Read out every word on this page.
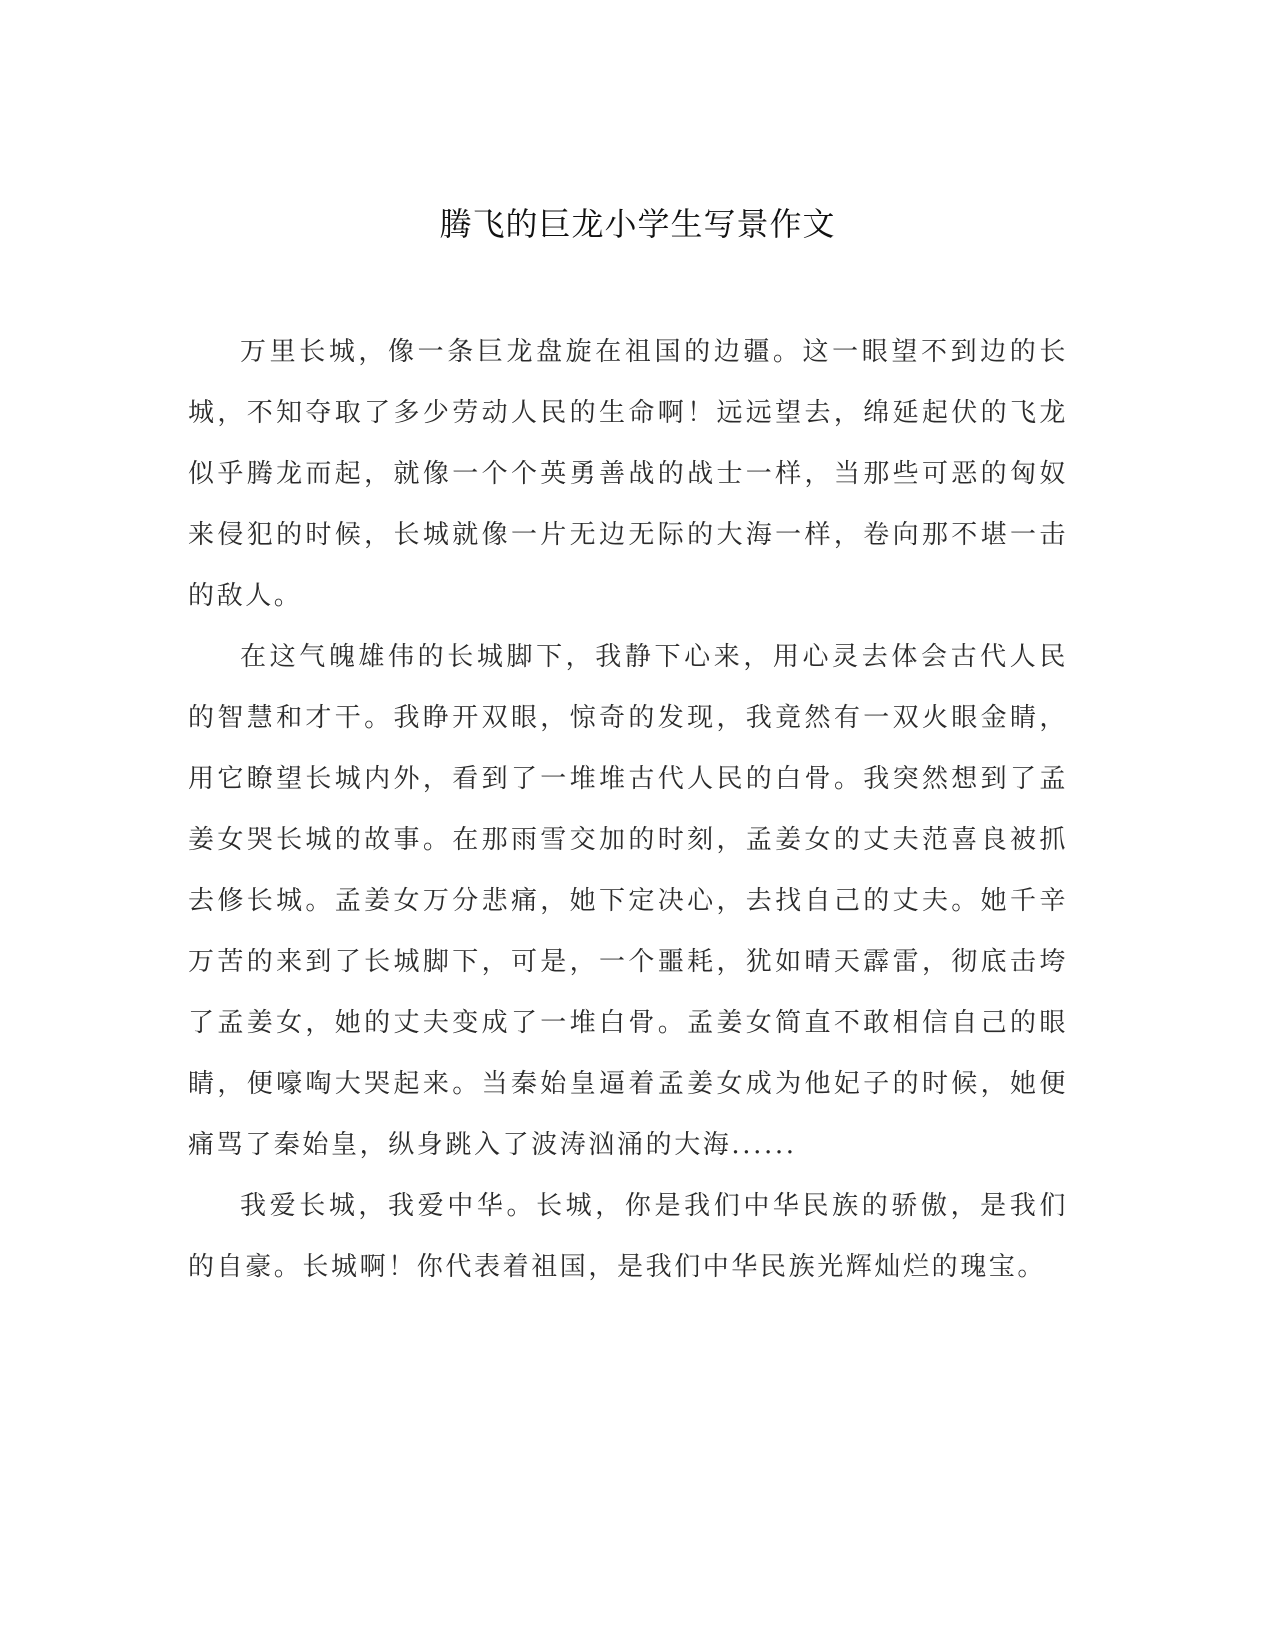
腾飞的巨龙小学生写景作文

万里长城，像一条巨龙盘旋在祖国的边疆。这一眼望不到边的长城，不知夺取了多少劳动人民的生命啊！远远望去，绵延起伏的飞龙似乎腾龙而起，就像一个个英勇善战的战士一样，当那些可恶的匈奴来侵犯的时候，长城就像一片无边无际的大海一样，卷向那不堪一击的敌人。

在这气魄雄伟的长城脚下，我静下心来，用心灵去体会古代人民的智慧和才干。我睁开双眼，惊奇的发现，我竟然有一双火眼金睛，用它瞭望长城内外，看到了一堆堆古代人民的白骨。我突然想到了孟姜女哭长城的故事。在那雨雪交加的时刻，孟姜女的丈夫范喜良被抓去修长城。孟姜女万分悲痛，她下定决心，去找自己的丈夫。她千辛万苦的来到了长城脚下，可是，一个噩耗，犹如晴天霹雷，彻底击垮了孟姜女，她的丈夫变成了一堆白骨。孟姜女简直不敢相信自己的眼睛，便嚎啕大哭起来。当秦始皇逼着孟姜女成为他妃子的时候，她便痛骂了秦始皇，纵身跳入了波涛汹涌的大海......

我爱长城，我爱中华。长城，你是我们中华民族的骄傲，是我们的自豪。长城啊！你代表着祖国，是我们中华民族光辉灿烂的瑰宝。
